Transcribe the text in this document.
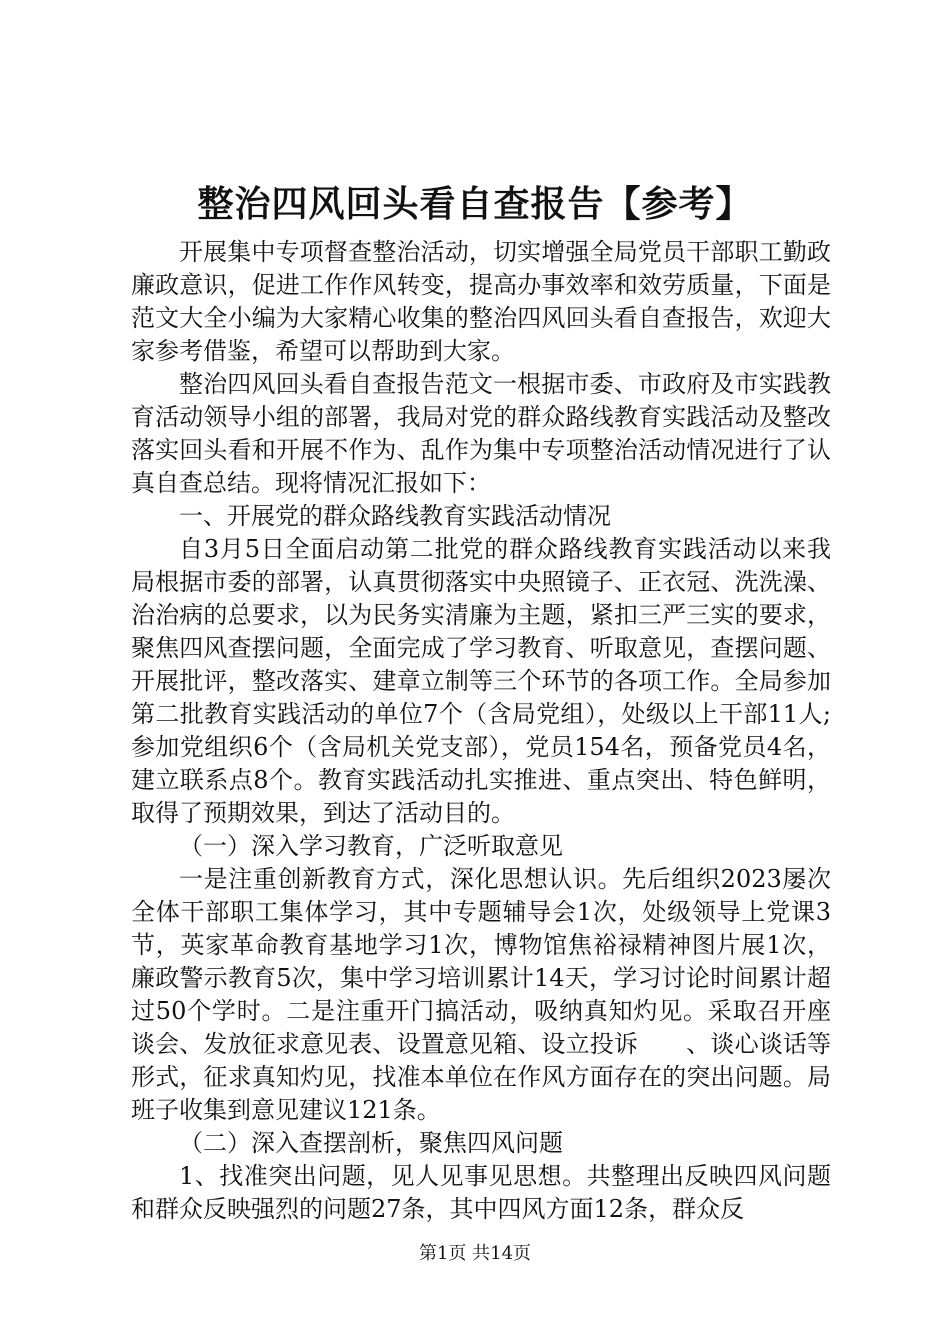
整治四风回头看自查报告【参考】

开展集中专项督查整治活动，切实增强全局党员干部职工勤政廉政意识，促进工作作风转变，提高办事效率和效劳质量，下面是范文大全小编为大家精心收集的整治四风回头看自查报告，欢迎大家参考借鉴，希望可以帮助到大家。

整治四风回头看自查报告范文一根据市委、市政府及市实践教育活动领导小组的部署，我局对党的群众路线教育实践活动及整改落实回头看和开展不作为、乱作为集中专项整治活动情况进行了认真自查总结。现将情况汇报如下：

一、开展党的群众路线教育实践活动情况

自3月5日全面启动第二批党的群众路线教育实践活动以来我局根据市委的部署，认真贯彻落实中央照镜子、正衣冠、洗洗澡、治治病的总要求，以为民务实清廉为主题，紧扣三严三实的要求，聚焦四风查摆问题，全面完成了学习教育、听取意见，查摆问题、开展批评，整改落实、建章立制等三个环节的各项工作。全局参加第二批教育实践活动的单位7个（含局党组），处级以上干部11人;参加党组织6个（含局机关党支部），党员154名，预备党员4名，建立联系点8个。教育实践活动扎实推进、重点突出、特色鲜明，取得了预期效果，到达了活动目的。

（一）深入学习教育，广泛听取意见

一是注重创新教育方式，深化思想认识。先后组织2023屡次全体干部职工集体学习，其中专题辅导会1次，处级领导上党课3节，英家革命教育基地学习1次，博物馆焦裕禄精神图片展1次，廉政警示教育5次，集中学习培训累计14天，学习讨论时间累计超过50个学时。二是注重开门搞活动，吸纳真知灼见。采取召开座谈会、发放征求意见表、设置意见箱、设立投诉　　、谈心谈话等形式，征求真知灼见，找准本单位在作风方面存在的突出问题。局班子收集到意见建议121条。

（二）深入查摆剖析，聚焦四风问题

1、找准突出问题，见人见事见思想。共整理出反映四风问题和群众反映强烈的问题27条，其中四风方面12条，群众反

第1页 共14页
